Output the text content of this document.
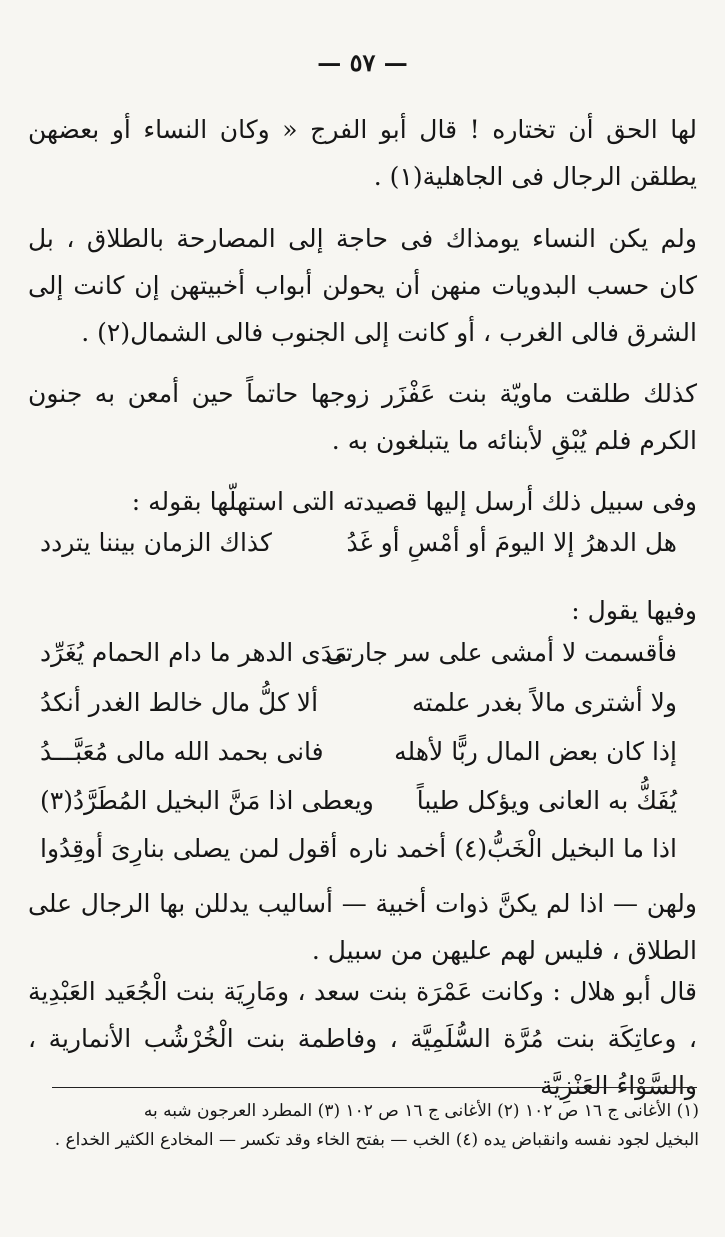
— ٥٧ —
لها الحق أن تختاره ! قال أبو الفرج « وكان النساء أو بعضهن يطلقن الرجال فى الجاهلية(١) .
ولم يكن النساء يومذاك فى حاجة إلى المصارحة بالطلاق ، بل كان حسب البدويات منهن أن يحولن أبواب أخبيتهن إن كانت إلى الشرق فالى الغرب ، أو كانت إلى الجنوب فالى الشمال(٢) .
كذلك طلقت ماويّة بنت عَفْزَر زوجها حاتماً حين أمعن به جنون الكرم فلم يُبْقِ لأبنائه ما يتبلغون به .
وفى سبيل ذلك أرسل إليها قصيدته التى استهلّها بقوله :
هل الدهرُ إلا اليومَ أو أمْسِ أو غَدُ
كذاك الزمان بيننا يتردد
وفيها يقول :
فأقسمت لا أمشى على سر جارتى
مَدَى الدهر ما دام الحمام يُغَرِّد
ولا أشترى مالاً بغدر علمته
ألا كلُّ مال خالط الغدر أنكدُ
إذا كان بعض المال ربًّا لأهله
فانى بحمد الله مالى مُعَبَّـــدُ
يُفَكُّ به العانى ويؤكل طيباً
ويعطى اذا مَنَّ البخيل المُطَرَّدُ(٣)
اذا ما البخيل الْخَبُّ(٤) أخمد ناره
أقول لمن يصلى بنارِىَ أوقِدُوا
ولهن — اذا لم يكنَّ ذوات أخبية — أساليب يدللن بها الرجال على الطلاق ، فليس لهم عليهن من سبيل .
قال أبو هلال : وكانت عَمْرَة بنت سعد ، ومَارِيَة بنت الْجُعَيد العَبْدِية ، وعاتِكَة بنت مُرَّة السُّلَمِيَّة ، وفاطمة بنت الْخُرْشُب الأنمارية ، والسَّوْاءُ العَنْزِيَّة
(١) الأغانى ج ١٦ ص ١٠٢ (٢) الأغانى ج ١٦ ص ١٠٢ (٣) المطرد العرجون شبه به
البخيل لجود نفسه وانقباض يده (٤) الخب — بفتح الخاء وقد تكسر — المخادع الكثير الخداع .
